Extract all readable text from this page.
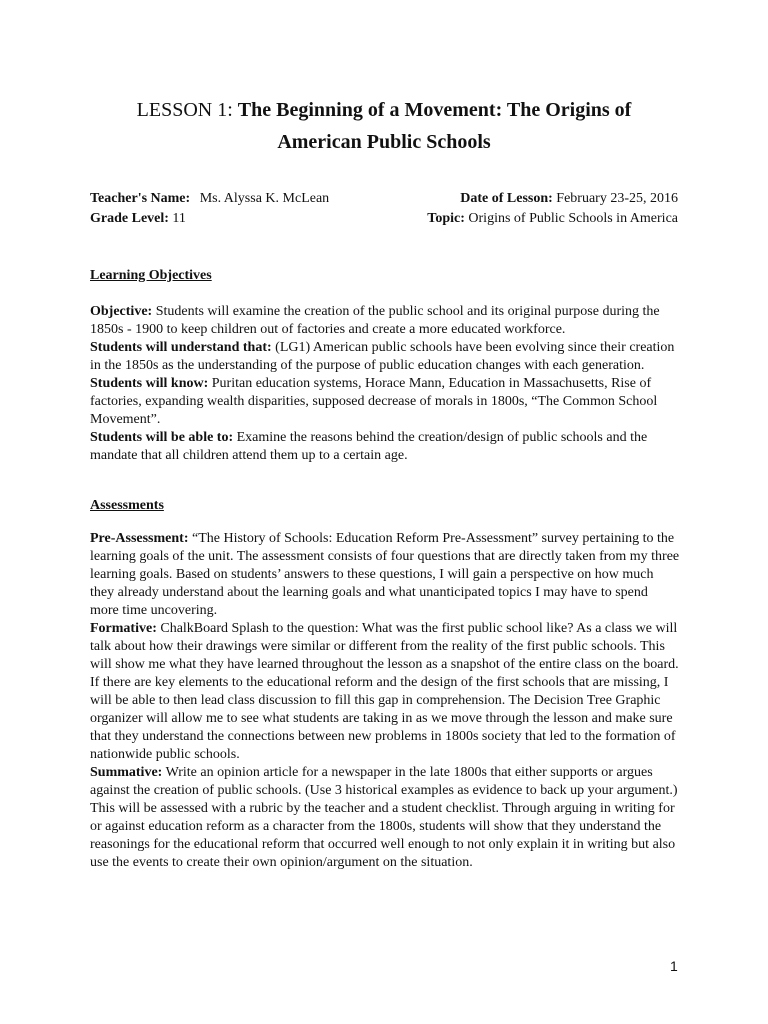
LESSON 1: The Beginning of a Movement: The Origins of
American Public Schools
Teacher's Name: Ms. Alyssa K. McLean	Date of Lesson: February 23-25, 2016
Grade Level: 11	Topic: Origins of Public Schools in America
Learning Objectives

Objective: Students will examine the creation of the public school and its original purpose during the 1850s - 1900 to keep children out of factories and create a more educated workforce.
Students will understand that: (LG1) American public schools have been evolving since their creation in the 1850s as the understanding of the purpose of public education changes with each generation.
Students will know: Puritan education systems, Horace Mann, Education in Massachusetts, Rise of factories, expanding wealth disparities, supposed decrease of morals in 1800s, “The Common School Movement”.
Students will be able to: Examine the reasons behind the creation/design of public schools and the mandate that all children attend them up to a certain age.

Assessments

Pre-Assessment: “The History of Schools: Education Reform Pre-Assessment” survey pertaining to the learning goals of the unit. The assessment consists of four questions that are directly taken from my three learning goals. Based on students’ answers to these questions, I will gain a perspective on how much they already understand about the learning goals and what unanticipated topics I may have to spend more time uncovering.
Formative: ChalkBoard Splash to the question: What was the first public school like? As a class we will talk about how their drawings were similar or different from the reality of the first public schools. This will show me what they have learned throughout the lesson as a snapshot of the entire class on the board. If there are key elements to the educational reform and the design of the first schools that are missing, I will be able to then lead class discussion to fill this gap in comprehension. The Decision Tree Graphic organizer will allow me to see what students are taking in as we move through the lesson and make sure that they understand the connections between new problems in 1800s society that led to the formation of nationwide public schools.
Summative: Write an opinion article for a newspaper in the late 1800s that either supports or argues against the creation of public schools. (Use 3 historical examples as evidence to back up your argument.) This will be assessed with a rubric by the teacher and a student checklist. Through arguing in writing for or against education reform as a character from the 1800s, students will show that they understand the reasonings for the educational reform that occurred well enough to not only explain it in writing but also use the events to create their own opinion/argument on the situation.

1
